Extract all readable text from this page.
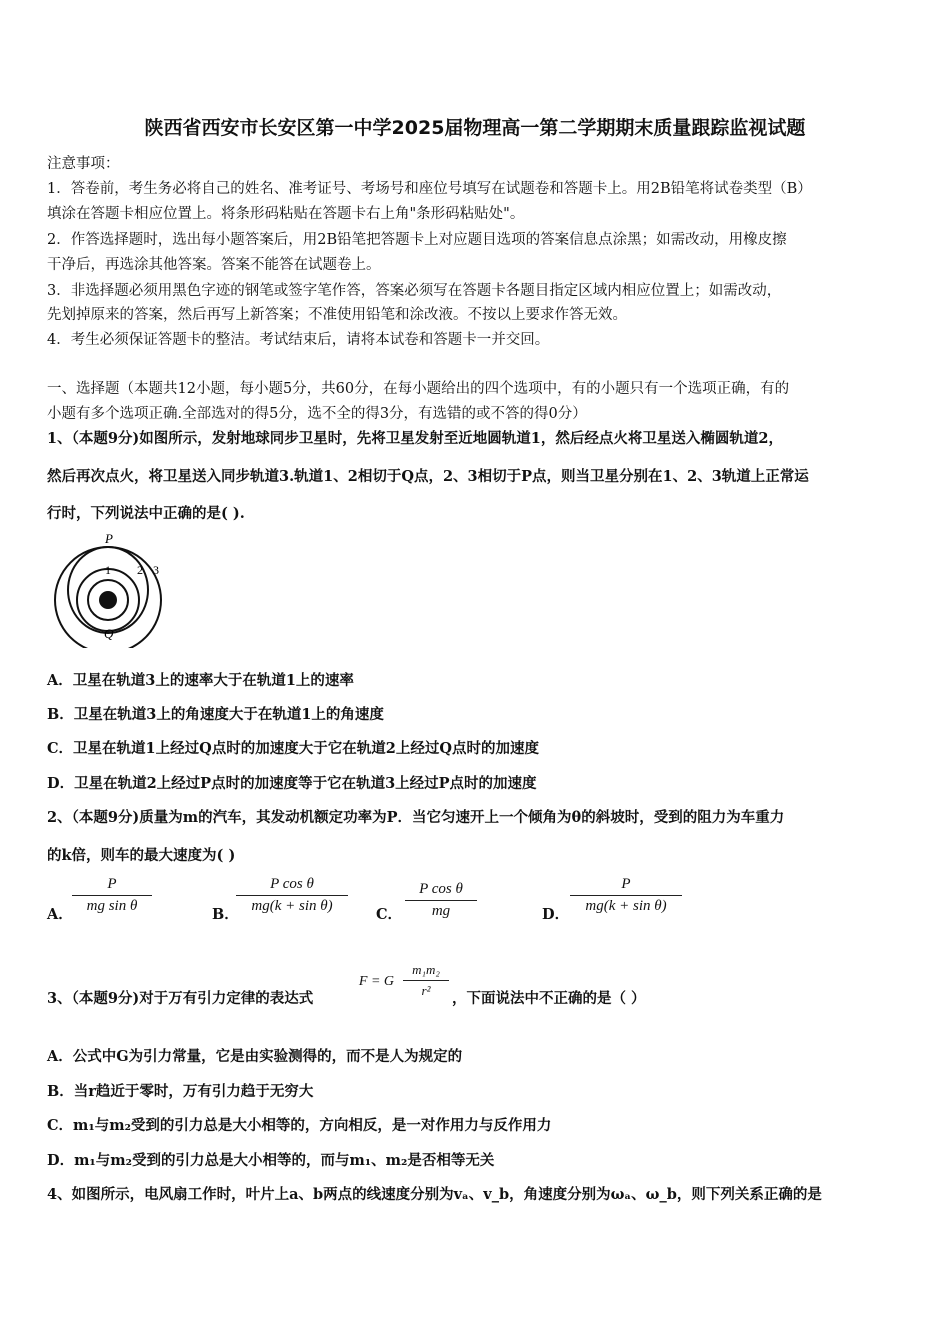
陕西省西安市长安区第一中学2025届物理高一第二学期期末质量跟踪监视试题
注意事项：
1．答卷前，考生务必将自己的姓名、准考证号、考场号和座位号填写在试题卷和答题卡上。用2B铅笔将试卷类型（B）
填涂在答题卡相应位置上。将条形码粘贴在答题卡右上角"条形码粘贴处"。
2．作答选择题时，选出每小题答案后，用2B铅笔把答题卡上对应题目选项的答案信息点涂黑；如需改动，用橡皮擦
干净后，再选涂其他答案。答案不能答在试题卷上。
3．非选择题必须用黑色字迹的钢笔或签字笔作答，答案必须写在答题卡各题目指定区域内相应位置上；如需改动，
先划掉原来的答案，然后再写上新答案；不准使用铅笔和涂改液。不按以上要求作答无效。
4．考生必须保证答题卡的整洁。考试结束后，请将本试卷和答题卡一并交回。
一、选择题（本题共12小题，每小题5分，共60分，在每小题给出的四个选项中，有的小题只有一个选项正确，有的
小题有多个选项正确.全部选对的得5分，选不全的得3分，有选错的或不答的得0分）
1、（本题9分)如图所示，发射地球同步卫星时，先将卫星发射至近地圆轨道1，然后经点火将卫星送入椭圆轨道2，
然后再次点火，将卫星送入同步轨道3.轨道1、2相切于Q点，2、3相切于P点，则当卫星分别在1、2、3轨道上正常运
行时，下列说法中正确的是( ).
P
Q
1 2 3
A．卫星在轨道3上的速率大于在轨道1上的速率
B．卫星在轨道3上的角速度大于在轨道1上的角速度
C．卫星在轨道1上经过Q点时的加速度大于它在轨道2上经过Q点时的加速度
D．卫星在轨道2上经过P点时的加速度等于它在轨道3上经过P点时的加速度
2、（本题9分)质量为m的汽车，其发动机额定功率为P．当它匀速开上一个倾角为θ的斜坡时，受到的阻力为车重力
的k倍，则车的最大速度为( )
A． $\frac{P}{\text{mg sin θ}}$	B．
$\frac{\text{P cos θ}}{\text{mg(k + sin θ)}}$ C． $\frac{\text{P cos θ}}{mg}$	D． $\frac{P}{\text{mg(k + sin θ)}}$
3、（本题9分)对于万有引力定律的表达式
F = G $\frac{\text{m₁m₂}}{\text{r²}}$ ，下面说法中不正确的是（ ）
A．公式中G为引力常量，它是由实验测得的，而不是人为规定的
B．当r趋近于零时，万有引力趋于无穷大
C．m₁与m₂受到的引力总是大小相等的，方向相反，是一对作用力与反作用力
D．m₁与m₂受到的引力总是大小相等的，而与m₁、m₂是否相等无关
4、如图所示，电风扇工作时，叶片上a、b两点的线速度分别为vₐ、v_b，角速度分别为ωₐ、ω_b，则下列关系正确的是
